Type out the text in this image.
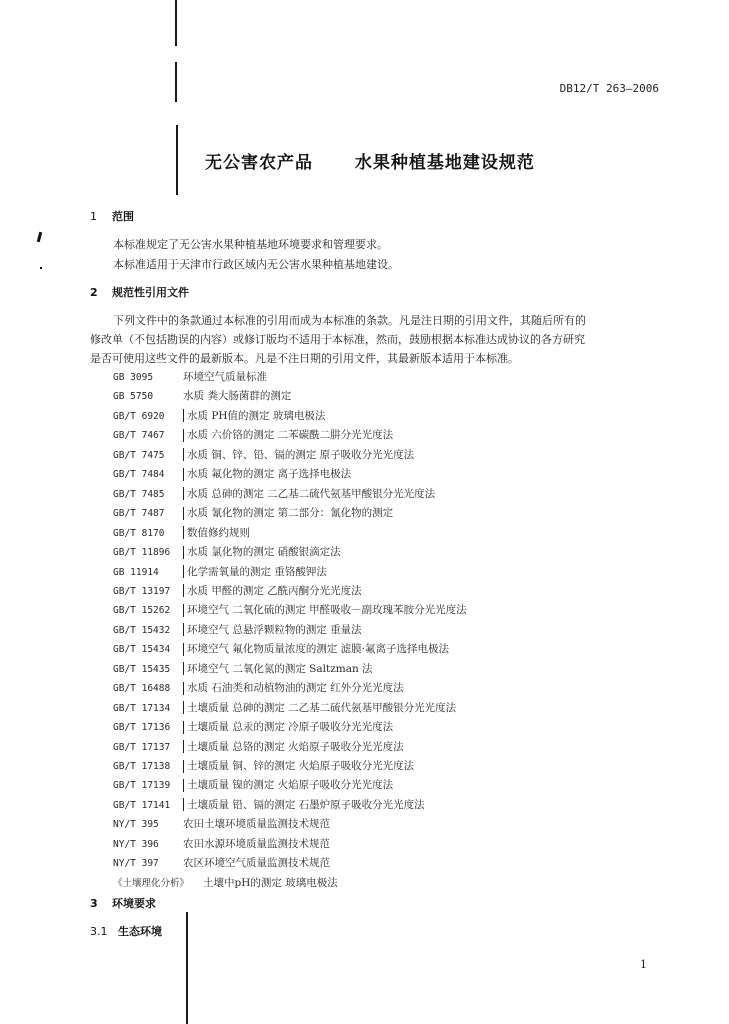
DB12/T 263—2006
无公害农产品 水果种植基地建设规范
1 范围
本标准规定了无公害水果种植基地环境要求和管理要求。
本标准适用于天津市行政区域内无公害水果种植基地建设。
2 规范性引用文件
下列文件中的条款通过本标准的引用而成为本标准的条款。凡是注日期的引用文件，其随后所有的
修改单（不包括勘误的内容）或修订版均不适用于本标准，然而，鼓励根据本标准达成协议的各方研究
是否可使用这些文件的最新版本。凡是不注日期的引用文件，其最新版本适用于本标准。
GB 3095	环境空气质量标准
GB 5750	水质 粪大肠菌群的测定
GB/T 6920 水质 PH值的测定 玻璃电极法
GB/T 7467 水质 六价铬的测定 二苯碳酰二肼分光光度法
GB/T 7475 水质 铜、锌、铅、镉的测定 原子吸收分光光度法
GB/T 7484 水质 氟化物的测定 离子选择电极法
GB/T 7485 水质 总砷的测定 二乙基二硫代氨基甲酸银分光光度法
GB/T 7487 水质 氰化物的测定 第二部分：氰化物的测定
GB/T 8170 数值修约规则
GB/T 11896 水质 氯化物的测定 硝酸银滴定法
GB 11914	化学需氧量的测定 重铬酸钾法
GB/T 13197 水质 甲醛的测定 乙酰丙酮分光光度法
GB/T 15262 环境空气 二氧化硫的测定 甲醛吸收－副玫瑰苯胺分光光度法
GB/T 15432 环境空气 总悬浮颗粒物的测定 重量法
GB/T 15434 环境空气 氟化物质量浓度的测定 滤膜·氟离子选择电极法
GB/T 15435 环境空气 二氧化氮的测定 Saltzman 法
GB/T 16488 水质 石油类和动植物油的测定 红外分光光度法
GB/T 17134 土壤质量 总砷的测定 二乙基二硫代氨基甲酸银分光光度法
GB/T 17136 土壤质量 总汞的测定 冷原子吸收分光光度法
GB/T 17137 土壤质量 总铬的测定 火焰原子吸收分光光度法
GB/T 17138 土壤质量 铜、锌的测定 火焰原子吸收分光光度法
GB/T 17139 土壤质量 镍的测定 火焰原子吸收分光光度法
GB/T 17141 土壤质量 铅、镉的测定 石墨炉原子吸收分光光度法
NY/T 395 农田土壤环境质量监测技术规范
NY/T 396 农田水源环境质量监测技术规范
NY/T 397 农区环境空气质量监测技术规范
《土壤理化分析》 土壤中pH的测定 玻璃电极法
3 环境要求
3.1 生态环境
1
